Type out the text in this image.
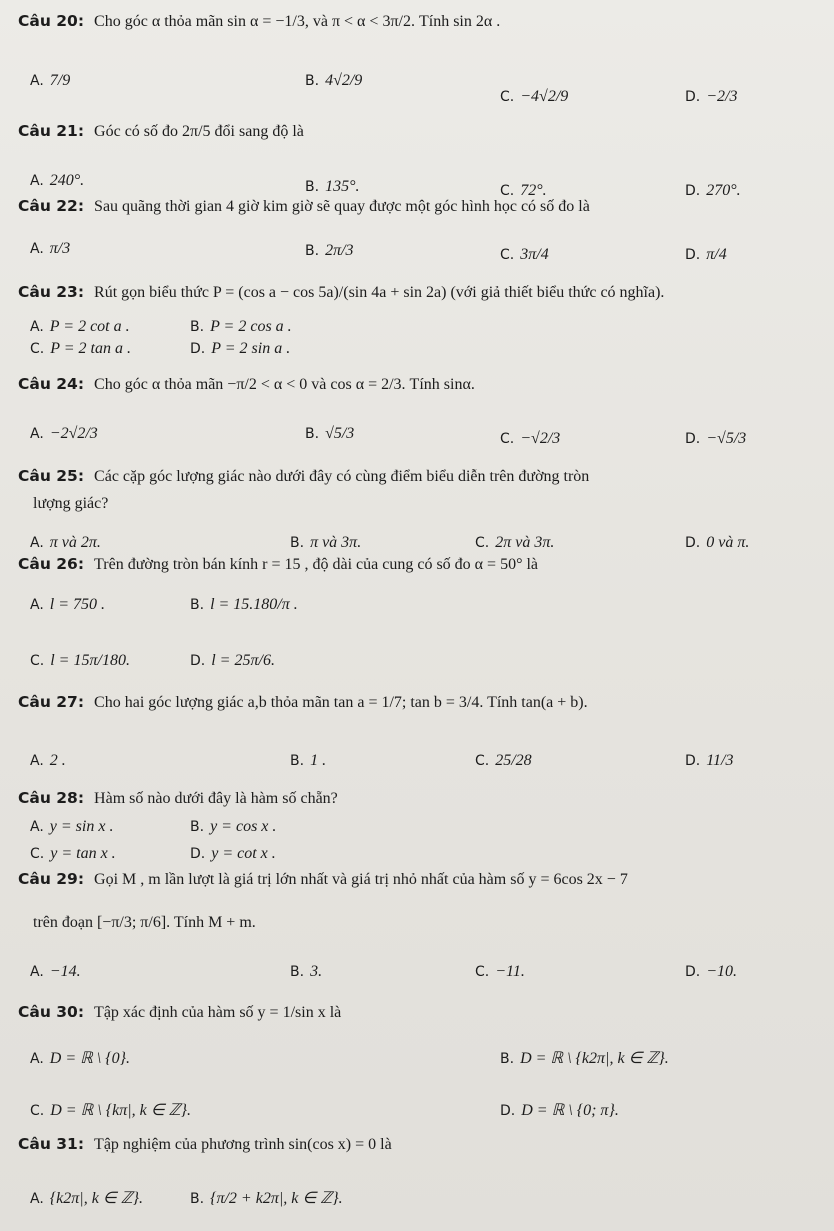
Câu 20: Cho góc α thỏa mãn sin α = −1/3, và π < α < 3π/2. Tính sin 2α .
A. 7/9	B. 4√2/9
C. −4√2/9	D. −2/3
Câu 21: Góc có số đo 2π/5 đổi sang độ là
A. 240°.	B. 135°.	C. 72°.	D. 270°.
Câu 22: Sau quãng thời gian 4 giờ kim giờ sẽ quay được một góc hình học có số đo là
A. π/3	B. 2π/3	C. 3π/4	D. π/4
Câu 23: Rút gọn biểu thức P = (cos a − cos 5a)/(sin 4a + sin 2a) (với giả thiết biểu thức có nghĩa).
A. P = 2 cot a .	B. P = 2 cos a .
C. P = 2 tan a .	D. P = 2 sin a .
Câu 24: Cho góc α thỏa mãn −π/2 < α < 0 và cos α = 2/3. Tính sinα.
A. −2√2/3	B. √5/3	C. −√2/3	D. −√5/3
Câu 25: Các cặp góc lượng giác nào dưới đây có cùng điểm biểu diễn trên đường tròn
lượng giác?
A. π và 2π.	B. π và 3π.	C. 2π và 3π.	D. 0 và π.
Câu 26: Trên đường tròn bán kính r = 15 , độ dài của cung có số đo α = 50° là
A. l = 750 .	B. l = 15.180/π .
C. l = 15π/180.	D. l = 25π/6.
Câu 27: Cho hai góc lượng giác a,b thỏa mãn tan a = 1/7; tan b = 3/4. Tính tan(a + b).
A. 2 .	B. 1 .	C. 25/28	D. 11/3
Câu 28: Hàm số nào dưới đây là hàm số chẵn?
A. y = sin x .	B. y = cos x .
C. y = tan x .	D. y = cot x .
Câu 29: Gọi M , m lần lượt là giá trị lớn nhất và giá trị nhỏ nhất của hàm số y = 6cos 2x − 7
trên đoạn [−π/3; π/6]. Tính M + m.
A. −14.	B. 3.	C. −11.	D. −10.
Câu 30: Tập xác định của hàm số y = 1/sin x là
A. D = ℝ \ {0}.	B. D = ℝ \ {k2π|, k ∈ ℤ}.
C. D = ℝ \ {kπ|, k ∈ ℤ}.	D. D = ℝ \ {0; π}.
Câu 31: Tập nghiệm của phương trình sin(cos x) = 0 là
A. {k2π|, k ∈ ℤ}.	B. {π/2 + k2π|, k ∈ ℤ}.
